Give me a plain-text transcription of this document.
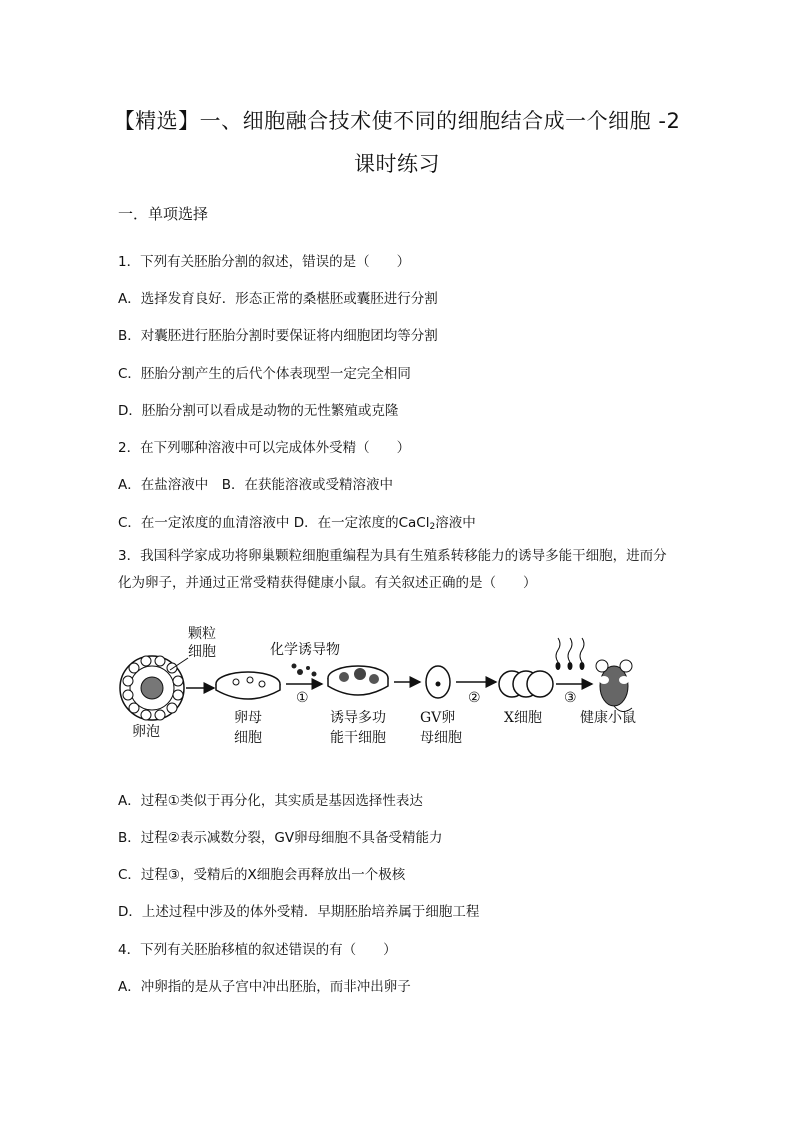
【精选】一、细胞融合技术使不同的细胞结合成一个细胞 -2
课时练习

一．单项选择

1．下列有关胚胎分割的叙述，错误的是（　　）
A．选择发育良好．形态正常的桑椹胚或囊胚进行分割
B．对囊胚进行胚胎分割时要保证将内细胞团均等分割
C．胚胎分割产生的后代个体表现型一定完全相同
D．胚胎分割可以看成是动物的无性繁殖或克隆
2．在下列哪种溶液中可以完成体外受精（　　）
A．在盐溶液中　B．在获能溶液或受精溶液中
C．在一定浓度的血清溶液中 D．在一定浓度的CaCl$_2$溶液中
3．我国科学家成功将卵巢颗粒细胞重编程为具有生殖系转移能力的诱导多能干细胞，进而分化为卵子，并通过正常受精获得健康小鼠。有关叙述正确的是（　　）
颗粒
细胞
卵泡
卵母
细胞
化学诱导物
①
诱导多功
能干细胞
GV卵
母细胞
②
X细胞
③
健康小鼠
A．过程①类似于再分化，其实质是基因选择性表达
B．过程②表示减数分裂，GV卵母细胞不具备受精能力
C．过程③，受精后的X细胞会再释放出一个极核
D．上述过程中涉及的体外受精．早期胚胎培养属于细胞工程
4．下列有关胚胎移植的叙述错误的有（　　）
A．冲卵指的是从子宫中冲出胚胎，而非冲出卵子
